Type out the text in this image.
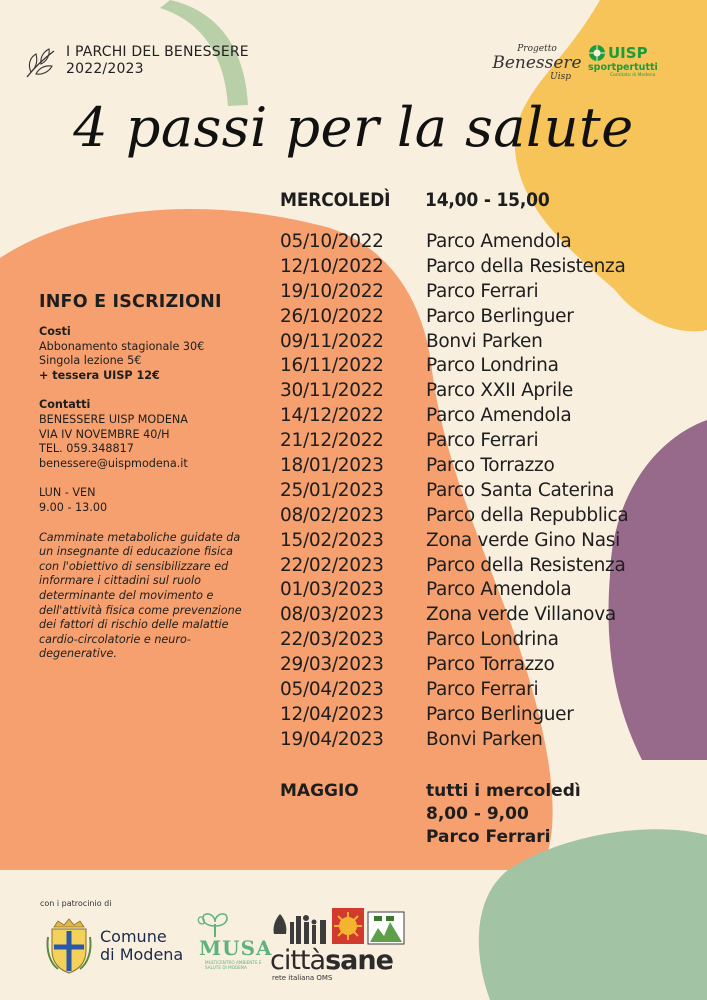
I PARCHI DEL BENESSERE
2022/2023
Progetto
Benessere
Uisp
UISP
sportpertutti
Comitato di Modena
4 passi per la salute
MERCOLEDÌ 14,00 - 15,00
05/10/2022 Parco Amendola
12/10/2022 Parco della Resistenza
19/10/2022 Parco Ferrari
26/10/2022 Parco Berlinguer
09/11/2022 Bonvi Parken
16/11/2022 Parco Londrina
30/11/2022 Parco XXII Aprile
14/12/2022 Parco Amendola
21/12/2022 Parco Ferrari
18/01/2023 Parco Torrazzo
25/01/2023 Parco Santa Caterina
08/02/2023 Parco della Repubblica
15/02/2023 Zona verde Gino Nasi
22/02/2023 Parco della Resistenza
01/03/2023 Parco Amendola
08/03/2023 Zona verde Villanova
22/03/2023 Parco Londrina
29/03/2023 Parco Torrazzo
05/04/2023 Parco Ferrari
12/04/2023 Parco Berlinguer
19/04/2023 Bonvi Parken
MAGGIO	tutti i mercoledì
8,00 - 9,00
Parco Ferrari
INFO E ISCRIZIONI
Costi
Abbonamento stagionale 30€
Singola lezione 5€
+ tessera UISP 12€
Contatti
BENESSERE UISP MODENA
VIA IV NOVEMBRE 40/H
TEL. 059.348817
benessere@uispmodena.it
LUN - VEN
9.00 - 13.00
Camminate metaboliche guidate da un insegnante di educazione fisica con l'obiettivo di sensibilizzare ed informare i cittadini sul ruolo determinante del movimento e dell'attività fisica come prevenzione dei fattori di rischio delle malattie cardio-circolatorie e neuro-degenerative.
con i patrocinio di
Comune
di Modena MUSA
MULTICENTRO AMBIENTE E SALUTE DI MODENA cittàsane
rete italiana OMS
